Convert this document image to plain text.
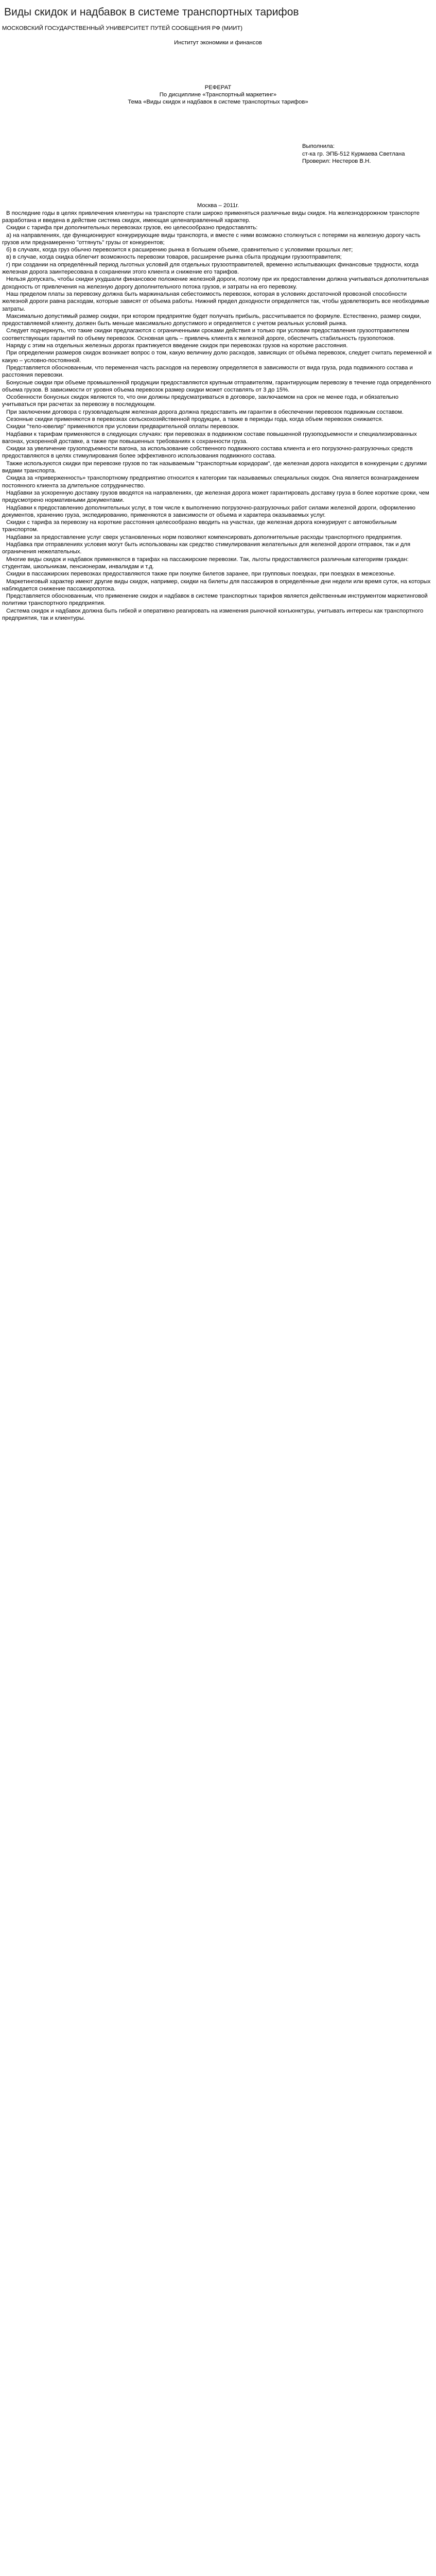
Виды скидок и надбавок в системе транспортных тарифов

МОСКОВСКИЙ ГОСУДАРСТВЕННЫЙ УНИВЕРСИТЕТ ПУТЕЙ СООБЩЕНИЯ РФ (МИИТ)

Институт экономики и финансов

РЕФЕРАТ

По дисциплине «Транспортный маркетинг»

Тема «Виды скидок и надбавок в системе транспортных тарифов»

Выполнила:

ст-ка гр. ЭПБ-512 Курмаева Светлана

Проверил: Нестеров В.Н.

Москва – 2011г.

В последние годы в целях привлечения клиентуры на транспорте стали широко применяться различные виды скидок. На железнодорожном транспорте разработана и введена в действие система скидок, имеющая целенаправленный характер.

Скидки с тарифа при дополнительных перевозках грузов, ею целесообразно предоставлять:

а) на направлениях, где функционируют конкурирующие виды транспорта, и вместе с ними возможно столкнуться с потерями на железную дорогу часть грузов или преднамеренно "оттянуть" грузы от конкурентов;

б) в случаях, когда груз обычно перевозится к расширению рынка в большем объеме, сравнительно с условиями прошлых лет;

в) в случае, когда скидка облегчит возможность перевозки товаров, расширение рынка сбыта продукции грузоотправителя;

г) при создании на определённый период льготных условий для отдельных грузоотправителей, временно испытывающих финансовые трудности, когда железная дорога заинтересована в сохранении этого клиента и снижение его тарифов.

Нельзя допускать, чтобы скидки ухудшали финансовое положение железной дороги, поэтому при их предоставлении должна учитываться дополнительная доходность от привлечения на железную дорогу дополнительного потока грузов, и затраты на его перевозку.

Наш пределом платы за перевозку должна быть маржинальная себестоимость перевозок, которая в условиях достаточной провозной способности железной дороги равна расходам, которые зависят от объема работы. Нижний предел доходности определяется так, чтобы удовлетворить все необходимые затраты.

Максимально допустимый размер скидки, при котором предприятие будет получать прибыль, рассчитывается по формуле. Естественно, размер скидки, предоставляемой клиенту, должен быть меньше максимально допустимого и определяется с учетом реальных условий рынка.

Следует подчеркнуть, что такие скидки предлагаются с ограниченными сроками действия и только при условии предоставления грузоотправителем соответствующих гарантий по объему перевозок. Основная цель – привлечь клиента к железной дороге, обеспечить стабильность грузопотоков.

Наряду с этим на отдельных железных дорогах практикуется введение скидок при перевозках грузов на короткие расстояния.

При определении размеров скидок возникает вопрос о том, какую величину долю расходов, зависящих от объёма перевозок, следует считать переменной и какую – условно-постоянной.

Представляется обоснованным, что переменная часть расходов на перевозку определяется в зависимости от вида груза, рода подвижного состава и расстояния перевозки.

Бонусные скидки при объеме промышленной продукции предоставляются крупным отправителям, гарантирующим перевозку в течение года определённого объема грузов. В зависимости от уровня объема перевозок размер скидки может составлять от 3 до 15%.

Особенности бонусных скидок являются то, что они должны предусматриваться в договоре, заключаемом на срок не менее года, и обязательно учитываться при расчетах за перевозку в последующем.

При заключении договора с грузовладельцем железная дорога должна предоставить им гарантии в обеспечении перевозок подвижным составом.

Сезонные скидки применяются в перевозках сельскохозяйственной продукции, а также в периоды года, когда объем перевозок снижается.

Скидки "тело-ювелир" применяются при условии предварительной оплаты перевозок.

Надбавки к тарифам применяются в следующих случаях: при перевозках в подвижном составе повышенной грузоподъемности и специализированных вагонах, ускоренной доставке, а также при повышенных требованиях к сохранности груза.

Скидки за увеличение грузоподъемности вагона, за использование собственного подвижного состава клиента и его погрузочно-разгрузочных средств предоставляются в целях стимулирования более эффективного использования подвижного состава.

Также используются скидки при перевозке грузов по так называемым "транспортным коридорам", где железная дорога находится в конкуренции с другими видами транспорта.

Скидка за «приверженность» транспортному предприятию относится к категории так называемых специальных скидок. Она является вознаграждением постоянного клиента за длительное сотрудничество.

Надбавки за ускоренную доставку грузов вводятся на направлениях, где железная дорога может гарантировать доставку груза в более короткие сроки, чем предусмотрено нормативными документами.

Надбавки к предоставлению дополнительных услуг, в том числе к выполнению погрузочно-разгрузочных работ силами железной дороги, оформлению документов, хранению груза, экспедированию, применяются в зависимости от объема и характера оказываемых услуг.

Скидки с тарифа за перевозку на короткие расстояния целесообразно вводить на участках, где железная дорога конкурирует с автомобильным транспортом.

Надбавки за предоставление услуг сверх установленных норм позволяют компенсировать дополнительные расходы транспортного предприятия.

Надбавка при отправлениях условия могут быть использованы как средство стимулирования желательных для железной дороги отправок, так и для ограничения нежелательных.

Многие виды скидок и надбавок применяются в тарифах на пассажирские перевозки. Так, льготы предоставляются различным категориям граждан: студентам, школьникам, пенсионерам, инвалидам и т.д.

Скидки в пассажирских перевозках предоставляются также при покупке билетов заранее, при групповых поездках, при поездках в межсезонье.

Маркетинговый характер имеют другие виды скидок, например, скидки на билеты для пассажиров в определённые дни недели или время суток, на которых наблюдается снижение пассажиропотока.

Представляется обоснованным, что применение скидок и надбавок в системе транспортных тарифов является действенным инструментом маркетинговой политики транспортного предприятия.

Система скидок и надбавок должна быть гибкой и оперативно реагировать на изменения рыночной конъюнктуры, учитывать интересы как транспортного предприятия, так и клиентуры.
